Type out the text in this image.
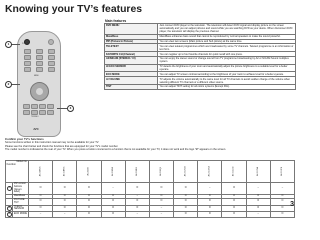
Knowing your TV’s features
POWER
MENU
TV/VIDEO
JVC
1
2
3
Main features
DVD MENU	Just connect DVD player to the television. The television will detect DVD signal and display picture on the screen automatically and you can adjust pictures and sound while you are watching DVD as your desire. When disconnect DVD player, the television will display the previous channel.
MaxxBass	MaxxBass enhances bass sound that cannot be reproduced by normal speakers to make the sound powerful.
PIP (Picture In Picture)	You can view two screens (Main picture and Sub picture) at the same time.
TELETEXT	You can view teletext programmes which are broadcasted by some TV channels. Teletext programme is an information or text form.
FAVORITE CH (Channel)	You can register up to four favorite channels for quick recall with one press.
A2/NICAM (STEREO / I II)	You can enjoy the stereo sound or change sound from TV programme broadcasting by A2 or NICAM Sound multiplex system.
HI ECO SENSOR	TV detects the brightness of your room and automatically adjust the picture brightness to a suitable level for a better eyecare.
ECO MODE	You can adjust TV screen contrast according to the brightness of your room to achieve level for a better eyecare.
AI VOLUME	TV adjusts the volume automatically to the same level for all TV channels to avoid sudden change of the volume when selecting different TV channels or a different video source.
TINT	You can adjust TINT setting for all colors systems (Except PAL).
Confirm your TV’s functions
Some functions written in this instruction manual may not be available for your TV.
Please see the chart below and check the functions that are equipped for your TV’s model number.
The model number is indicated at the rear of your TV. When you press a button concerned to a function that is not available for your TV, it does not work and the logo "Ø" appears on the screen.
Model No.
Function		AV-21BS26	AV-21BF16	AV-21BJ8	AV-21BM8	AV-21BD5	AV-21BQ5	AV-21CS24	AV-21CM14	AV-21CJ14	AV-21CM4	AV-21CP4
1	PIP control buttons (Green label)	O	O	O	–	O	O	O	–	O	–	–
	MaxxBass	O	O	O	O	–	O	O	O	O	O	O
	PICTURE TILT	O	O	O	O	O	O	O	O	O	O	O
2	HI ECO SENSOR	O	O	O	O	O	–	O	O	O	O	O
3	ECO MODE	–	–	O	O	–	–	O	O	O	–	O
3
